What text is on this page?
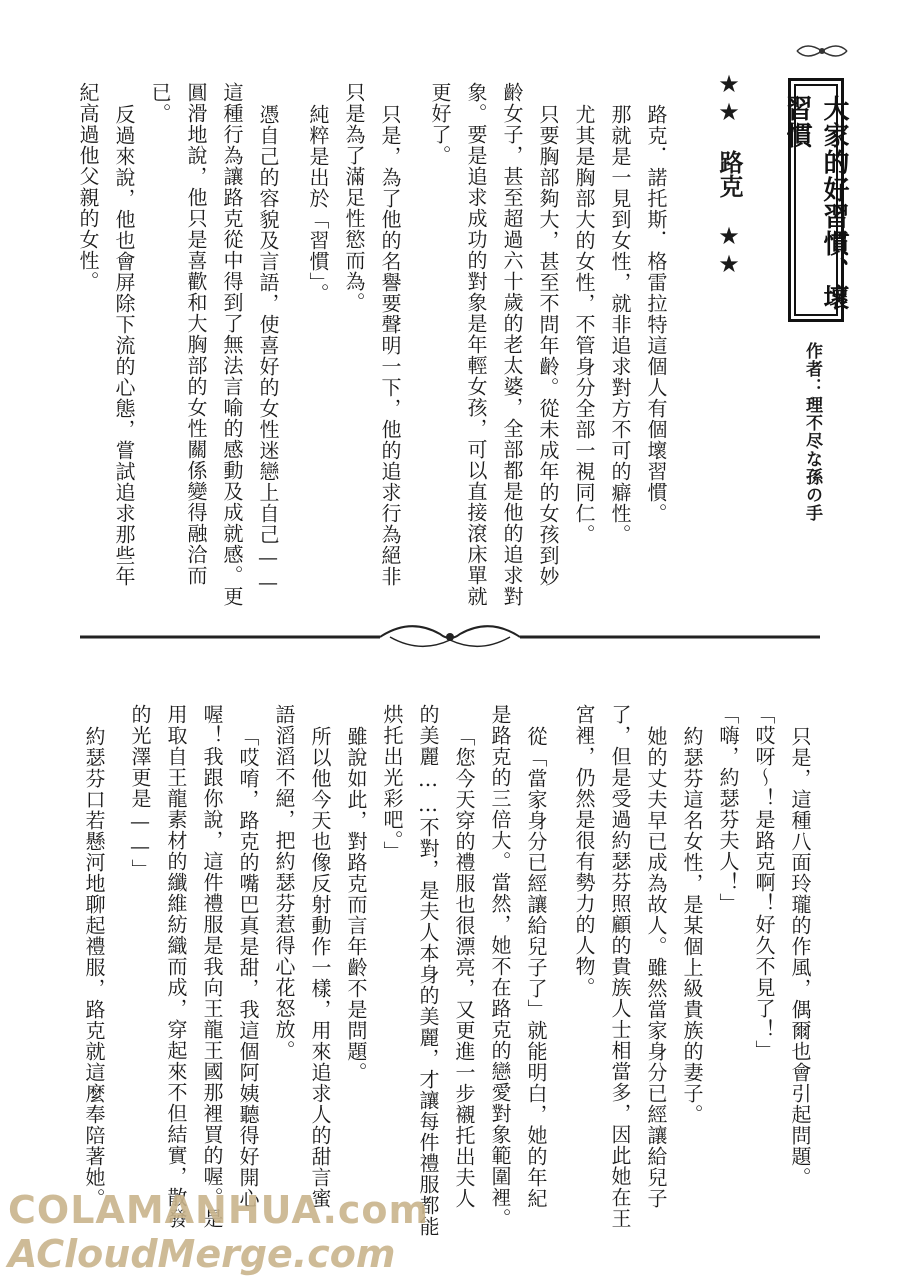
大家的好習慣、壞習慣
作者：理不尽な孫の手
★★　路克　★★
路克．諾托斯．格雷拉特這個人有個壞習慣。
那就是一見到女性，就非追求對方不可的癖性。
尤其是胸部大的女性，不管身分全部一視同仁。
只要胸部夠大，甚至不問年齡。從未成年的女孩到妙
齡女子，甚至超過六十歲的老太婆，全部都是他的追求對
象。要是追求成功的對象是年輕女孩，可以直接滾床單就
更好了。
只是，為了他的名譽要聲明一下，他的追求行為絕非
只是為了滿足性慾而為。
純粹是出於「習慣」。
憑自己的容貌及言語，使喜好的女性迷戀上自己——
這種行為讓路克從中得到了無法言喻的感動及成就感。更
圓滑地說，他只是喜歡和大胸部的女性關係變得融洽而
已。
反過來說，他也會屏除下流的心態，嘗試追求那些年
紀高過他父親的女性。
只是，這種八面玲瓏的作風，偶爾也會引起問題。
「哎呀～！是路克啊！好久不見了！」
「嗨，約瑟芬夫人！」
約瑟芬這名女性，是某個上級貴族的妻子。
她的丈夫早已成為故人。雖然當家身分已經讓給兒子
了，但是受過約瑟芬照顧的貴族人士相當多，因此她在王
宮裡，仍然是很有勢力的人物。
從「當家身分已經讓給兒子了」就能明白，她的年紀
是路克的三倍大。當然，她不在路克的戀愛對象範圍裡。
「您今天穿的禮服也很漂亮，又更進一步襯托出夫人
的美麗……不對，是夫人本身的美麗，才讓每件禮服都能
烘托出光彩吧。」
雖說如此，對路克而言年齡不是問題。
所以他今天也像反射動作一樣，用來追求人的甜言蜜
語滔滔不絕，把約瑟芬惹得心花怒放。
「哎唷，路克的嘴巴真是甜，我這個阿姨聽得好開心
喔！我跟你說，這件禮服是我向王龍王國那裡買的喔。是
用取自王龍素材的纖維紡織而成，穿起來不但結實，散發
的光澤更是——」
約瑟芬口若懸河地聊起禮服，路克就這麼奉陪著她。
COLAMANHUA.com
ACloudMerge.com
